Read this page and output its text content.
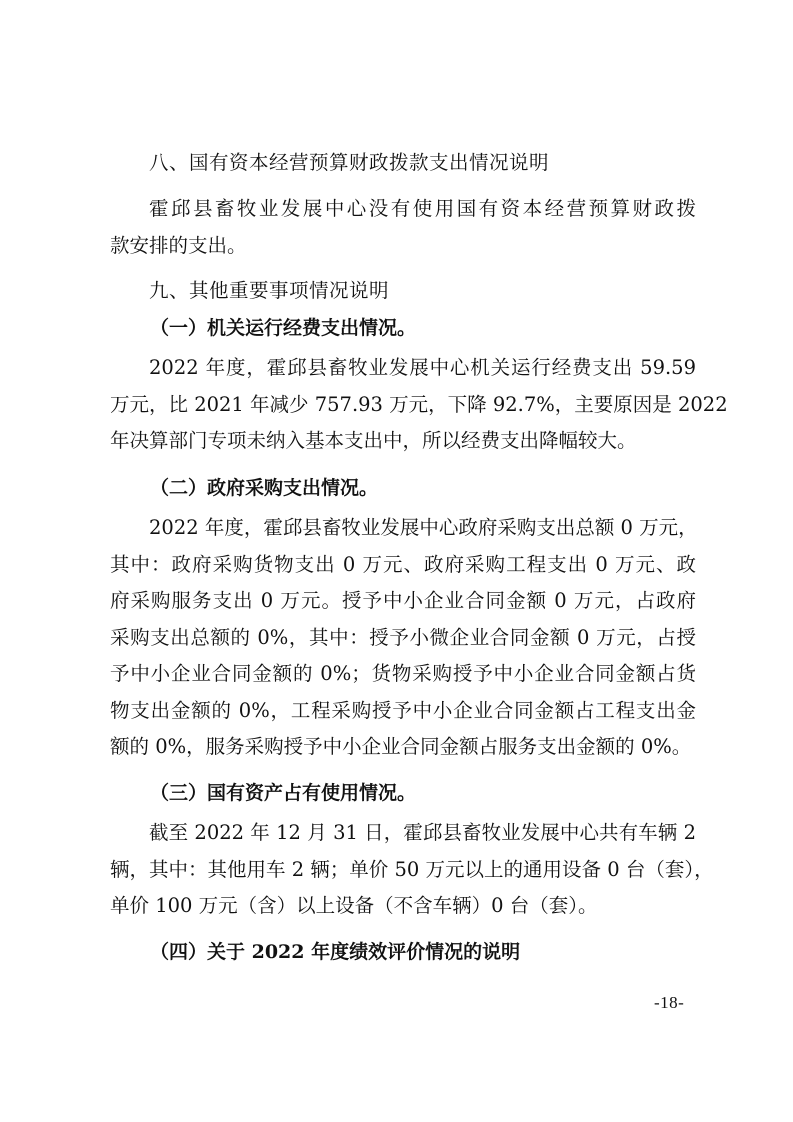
八、国有资本经营预算财政拨款支出情况说明
霍邱县畜牧业发展中心没有使用国有资本经营预算财政拨
款安排的支出。
九、其他重要事项情况说明
（一）机关运行经费支出情况。
2022 年度，霍邱县畜牧业发展中心机关运行经费支出 59.59
万元，比 2021 年减少 757.93 万元，下降 92.7%，主要原因是 2022
年决算部门专项未纳入基本支出中，所以经费支出降幅较大。
（二）政府采购支出情况。
2022 年度，霍邱县畜牧业发展中心政府采购支出总额 0 万元，
其中：政府采购货物支出 0 万元、政府采购工程支出 0 万元、政
府采购服务支出 0 万元。授予中小企业合同金额 0 万元，占政府
采购支出总额的 0%，其中：授予小微企业合同金额 0 万元，占授
予中小企业合同金额的 0%；货物采购授予中小企业合同金额占货
物支出金额的 0%，工程采购授予中小企业合同金额占工程支出金
额的 0%，服务采购授予中小企业合同金额占服务支出金额的 0%。
（三）国有资产占有使用情况。
截至 2022 年 12 月 31 日，霍邱县畜牧业发展中心共有车辆 2
辆，其中：其他用车 2 辆；单价 50 万元以上的通用设备 0 台（套），
单价 100 万元（含）以上设备（不含车辆）0 台（套）。
（四）关于 2022 年度绩效评价情况的说明
-18-
